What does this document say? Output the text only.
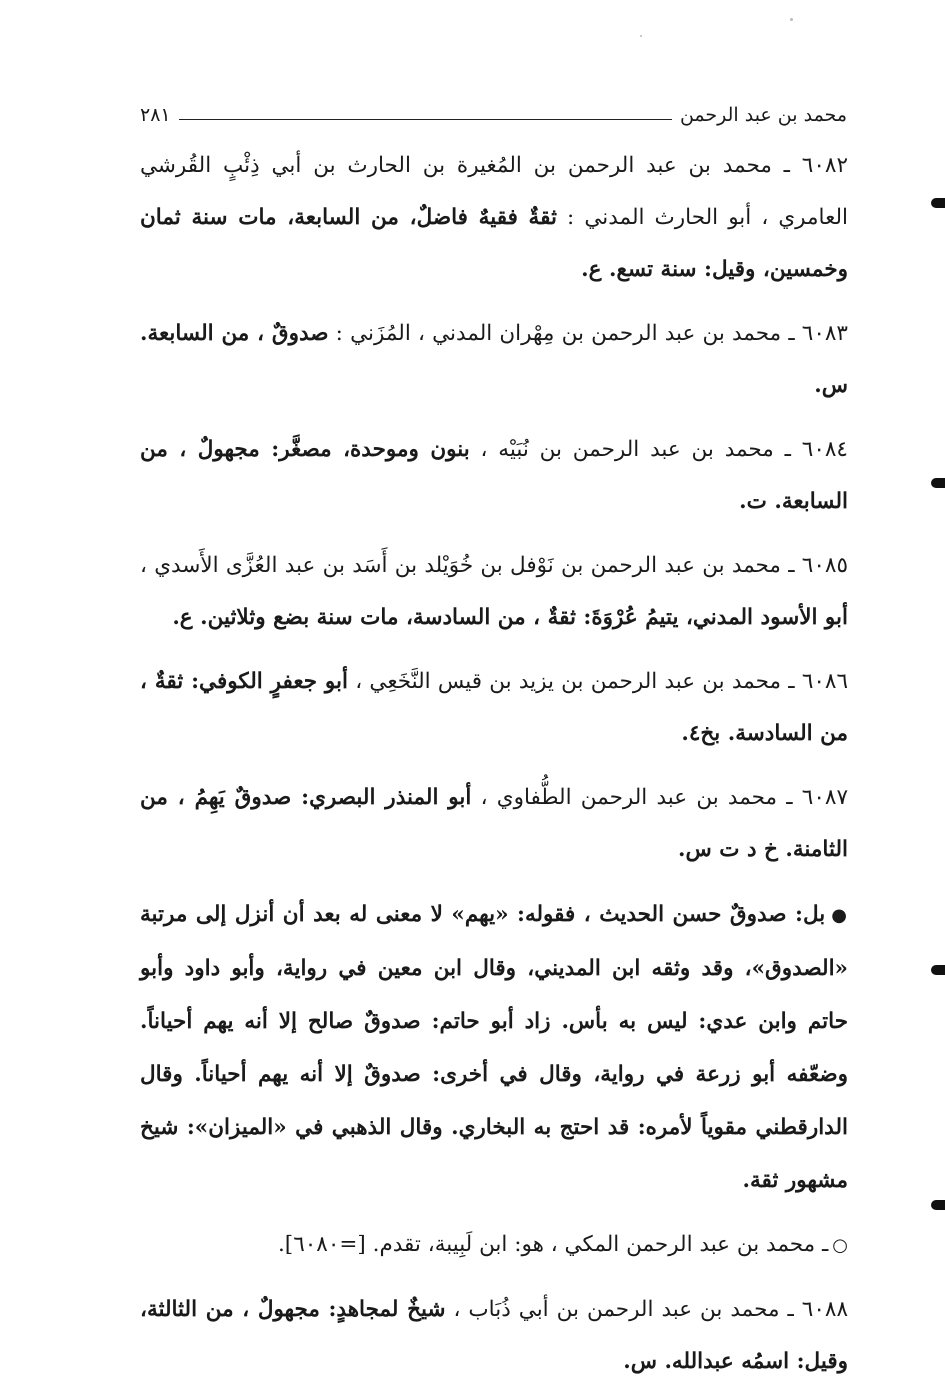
محمد بن عبد الرحمن
٢٨١

٦٠٨٢ ـ محمد بن عبد الرحمن بن المُغيرة بن الحارث بن أبي ذِئْبٍ القُرشي العامري ، أبو الحارث المدني : ثقةٌ فقيهٌ فاضلٌ، من السابعة، مات سنة ثمان وخمسين، وقيل: سنة تسع. ع.

٦٠٨٣ ـ محمد بن عبد الرحمن بن مِهْران المدني ، المُزَني : صدوقٌ ، من السابعة. س.

٦٠٨٤ ـ محمد بن عبد الرحمن بن نُبَيْه ، بنون وموحدة، مصغَّر: مجهولٌ ، من السابعة. ت.

٦٠٨٥ ـ محمد بن عبد الرحمن بن نَوْفل بن خُوَيْلد بن أَسَد بن عبد العُزَّى الأَسدي ، أبو الأسود المدني، يتيمُ عُرْوَةَ: ثقةٌ ، من السادسة، مات سنة بضع وثلاثين. ع.

٦٠٨٦ ـ محمد بن عبد الرحمن بن يزيد بن قيس النَّخَعِي ، أبو جعفرٍ الكوفي: ثقةٌ ، من السادسة. بخ٤.

٦٠٨٧ ـ محمد بن عبد الرحمن الطُّفاوي ، أبو المنذر البصري: صدوقٌ يَهِمُ ، من الثامنة. خ د ت س.

●بل: صدوقٌ حسن الحديث ، فقوله: «يهم» لا معنى له بعد أن أنزل إلى مرتبة «الصدوق»، وقد وثقه ابن المديني، وقال ابن معين في رواية، وأبو داود وأبو حاتم وابن عدي: ليس به بأس. زاد أبو حاتم: صدوقٌ صالح إلا أنه يهم أحياناً. وضعّفه أبو زرعة في رواية، وقال في أخرى: صدوقٌ إلا أنه يهم أحياناً. وقال الدارقطني مقوياً لأمره: قد احتج به البخاري. وقال الذهبي في «الميزان»: شيخ مشهور ثقة.

○ـ محمد بن عبد الرحمن المكي ، هو: ابن لَبِيبة، تقدم. [=٦٠٨٠].

٦٠٨٨ ـ محمد بن عبد الرحمن بن أبي ذُبَاب ، شيخٌ لمجاهدٍ: مجهولٌ ، من الثالثة، وقيل: اسمُه عبدالله. س.
